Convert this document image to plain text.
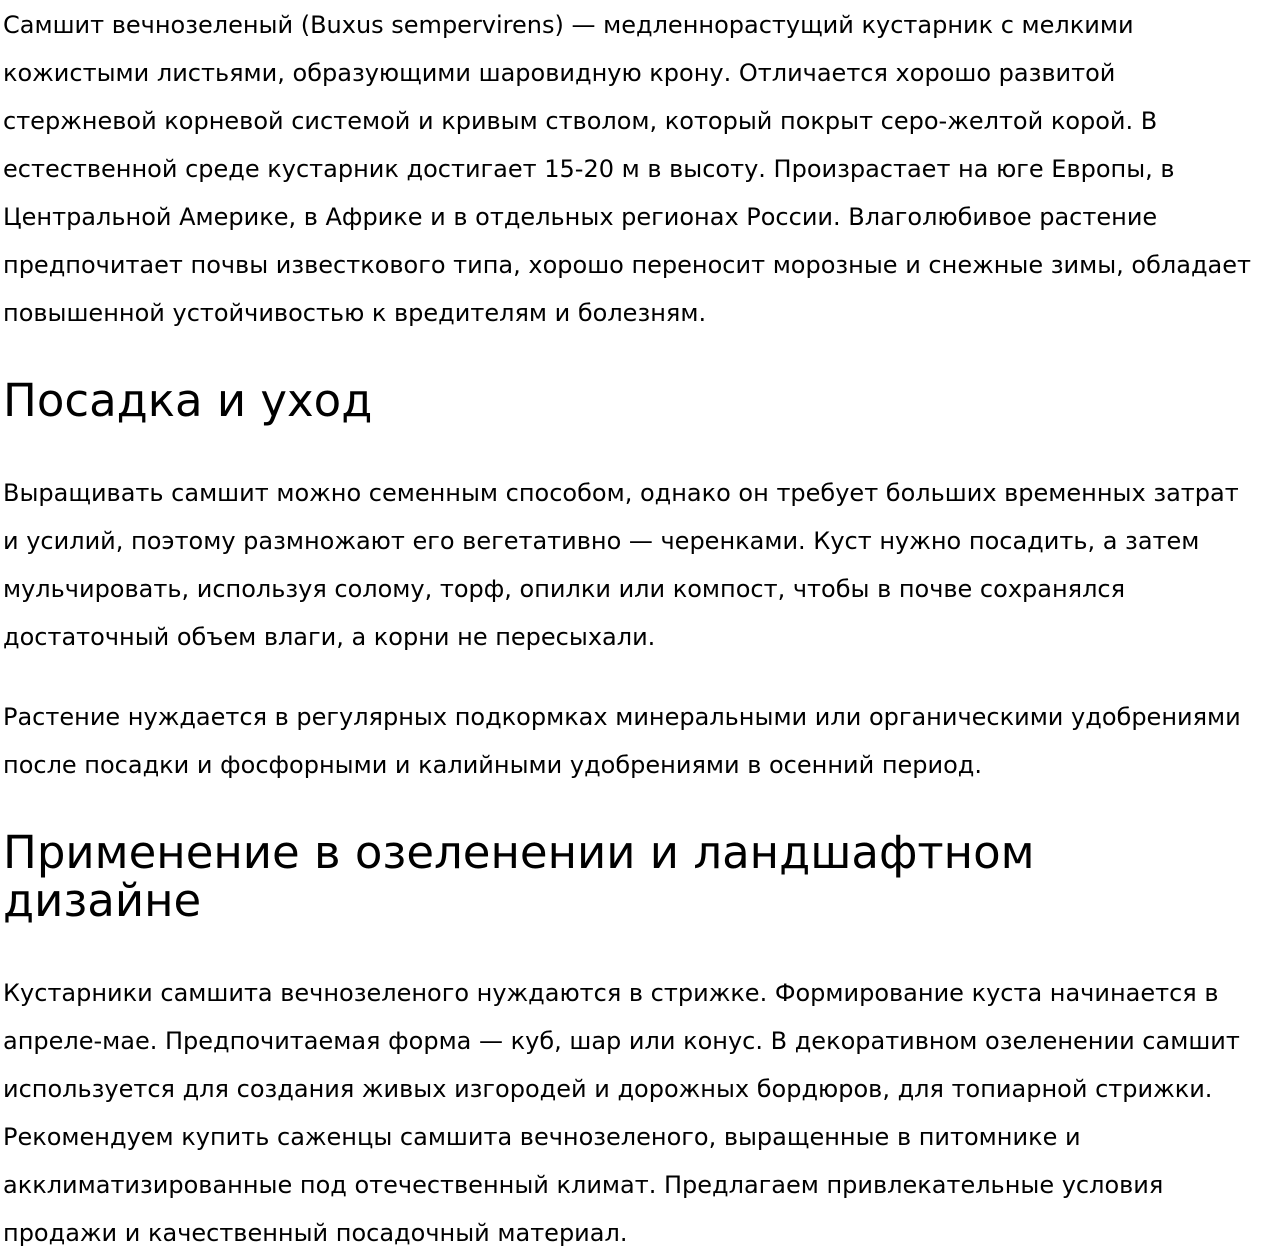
Самшит вечнозеленый (Buxus sempervirens) — медленнорастущий кустарник с мелкими кожистыми листьями, образующими шаровидную крону. Отличается хорошо развитой стержневой корневой системой и кривым стволом, который покрыт серо-желтой корой. В естественной среде кустарник достигает 15-20 м в высоту. Произрастает на юге Европы, в Центральной Америке, в Африке и в отдельных регионах России. Влаголюбивое растение предпочитает почвы известкового типа, хорошо переносит морозные и снежные зимы, обладает повышенной устойчивостью к вредителям и болезням.

Посадка и уход

Выращивать самшит можно семенным способом, однако он требует больших временных затрат и усилий, поэтому размножают его вегетативно — черенками. Куст нужно посадить, а затем мульчировать, используя солому, торф, опилки или компост, чтобы в почве сохранялся достаточный объем влаги, а корни не пересыхали.

Растение нуждается в регулярных подкормках минеральными или органическими удобрениями после посадки и фосфорными и калийными удобрениями в осенний период.

Применение в озеленении и ландшафтном дизайне

Кустарники самшита вечнозеленого нуждаются в стрижке. Формирование куста начинается в апреле-мае. Предпочитаемая форма — куб, шар или конус. В декоративном озеленении самшит используется для создания живых изгородей и дорожных бордюров, для топиарной стрижки. Рекомендуем купить саженцы самшита вечнозеленого, выращенные в питомнике и акклиматизированные под отечественный климат. Предлагаем привлекательные условия продажи и качественный посадочный материал.
